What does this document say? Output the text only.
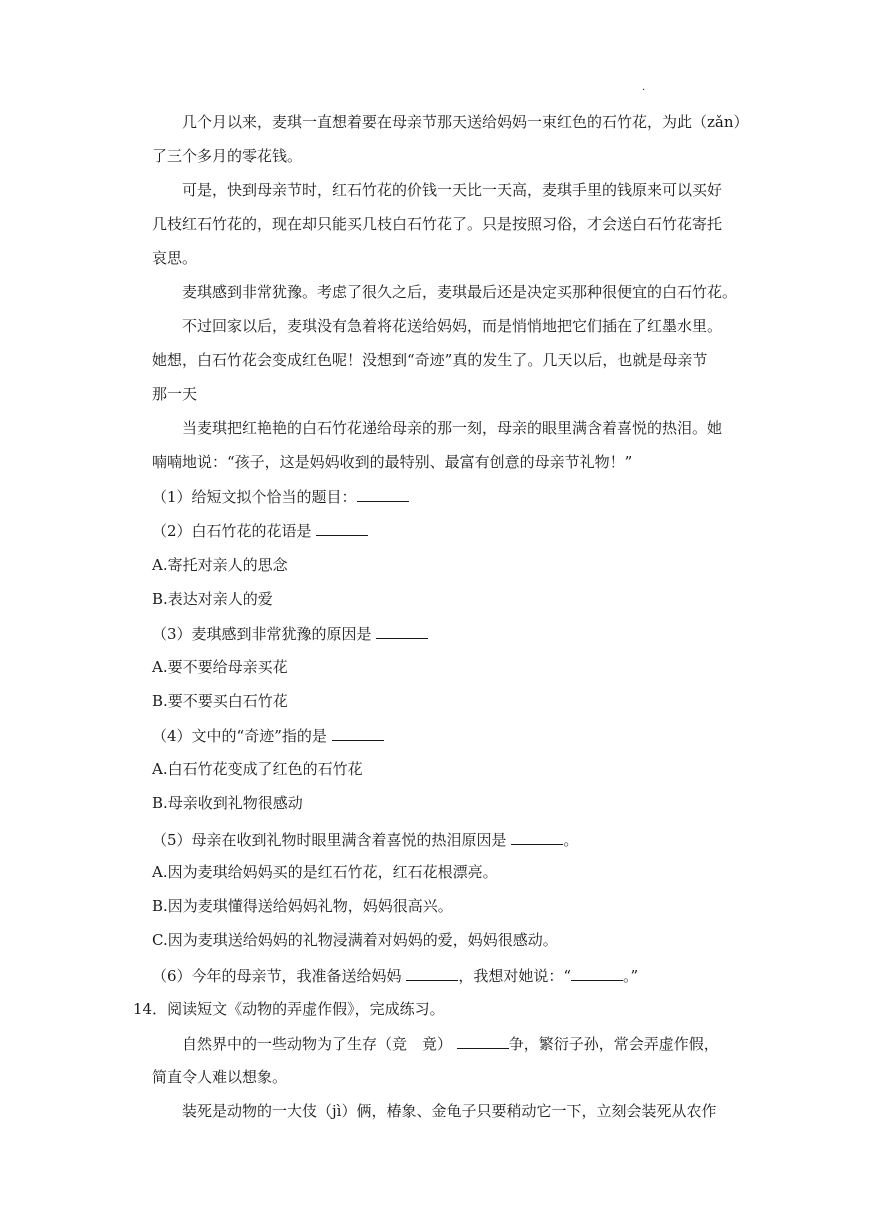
·
几个月以来，麦琪一直想着要在母亲节那天送给妈妈一束红色的石竹花，为此（zǎn）
了三个多月的零花钱。
可是，快到母亲节时，红石竹花的价钱一天比一天高，麦琪手里的钱原来可以买好
几枝红石竹花的，现在却只能买几枝白石竹花了。只是按照习俗，才会送白石竹花寄托
哀思。
麦琪感到非常犹豫。考虑了很久之后，麦琪最后还是决定买那种很便宜的白石竹花。
不过回家以后，麦琪没有急着将花送给妈妈，而是悄悄地把它们插在了红墨水里。
她想，白石竹花会变成红色呢！没想到“奇迹”真的发生了。几天以后，也就是母亲节
那一天
当麦琪把红艳艳的白石竹花递给母亲的那一刻，母亲的眼里满含着喜悦的热泪。她
喃喃地说：“孩子，这是妈妈收到的最特别、最富有创意的母亲节礼物！”
（1）给短文拟个恰当的题目：
（2）白石竹花的花语是
A.寄托对亲人的思念
B.表达对亲人的爱
（3）麦琪感到非常犹豫的原因是
A.要不要给母亲买花
B.要不要买白石竹花
（4）文中的“奇迹”指的是
A.白石竹花变成了红色的石竹花
B.母亲收到礼物很感动
（5）母亲在收到礼物时眼里满含着喜悦的热泪原因是	。
A.因为麦琪给妈妈买的是红石竹花，红石花根漂亮。
B.因为麦琪懂得送给妈妈礼物，妈妈很高兴。
C.因为麦琪送给妈妈的礼物浸满着对妈妈的爱，妈妈很感动。
（6）今年的母亲节，我准备送给妈妈	，我想对她说：“	。”
14．阅读短文《动物的弄虚作假》，完成练习。
自然界中的一些动物为了生存（竞　竟）	争，繁衍子孙，常会弄虚作假，
简直令人难以想象。
装死是动物的一大伎（jì）俩，椿象、金龟子只要稍动它一下，立刻会装死从农作
